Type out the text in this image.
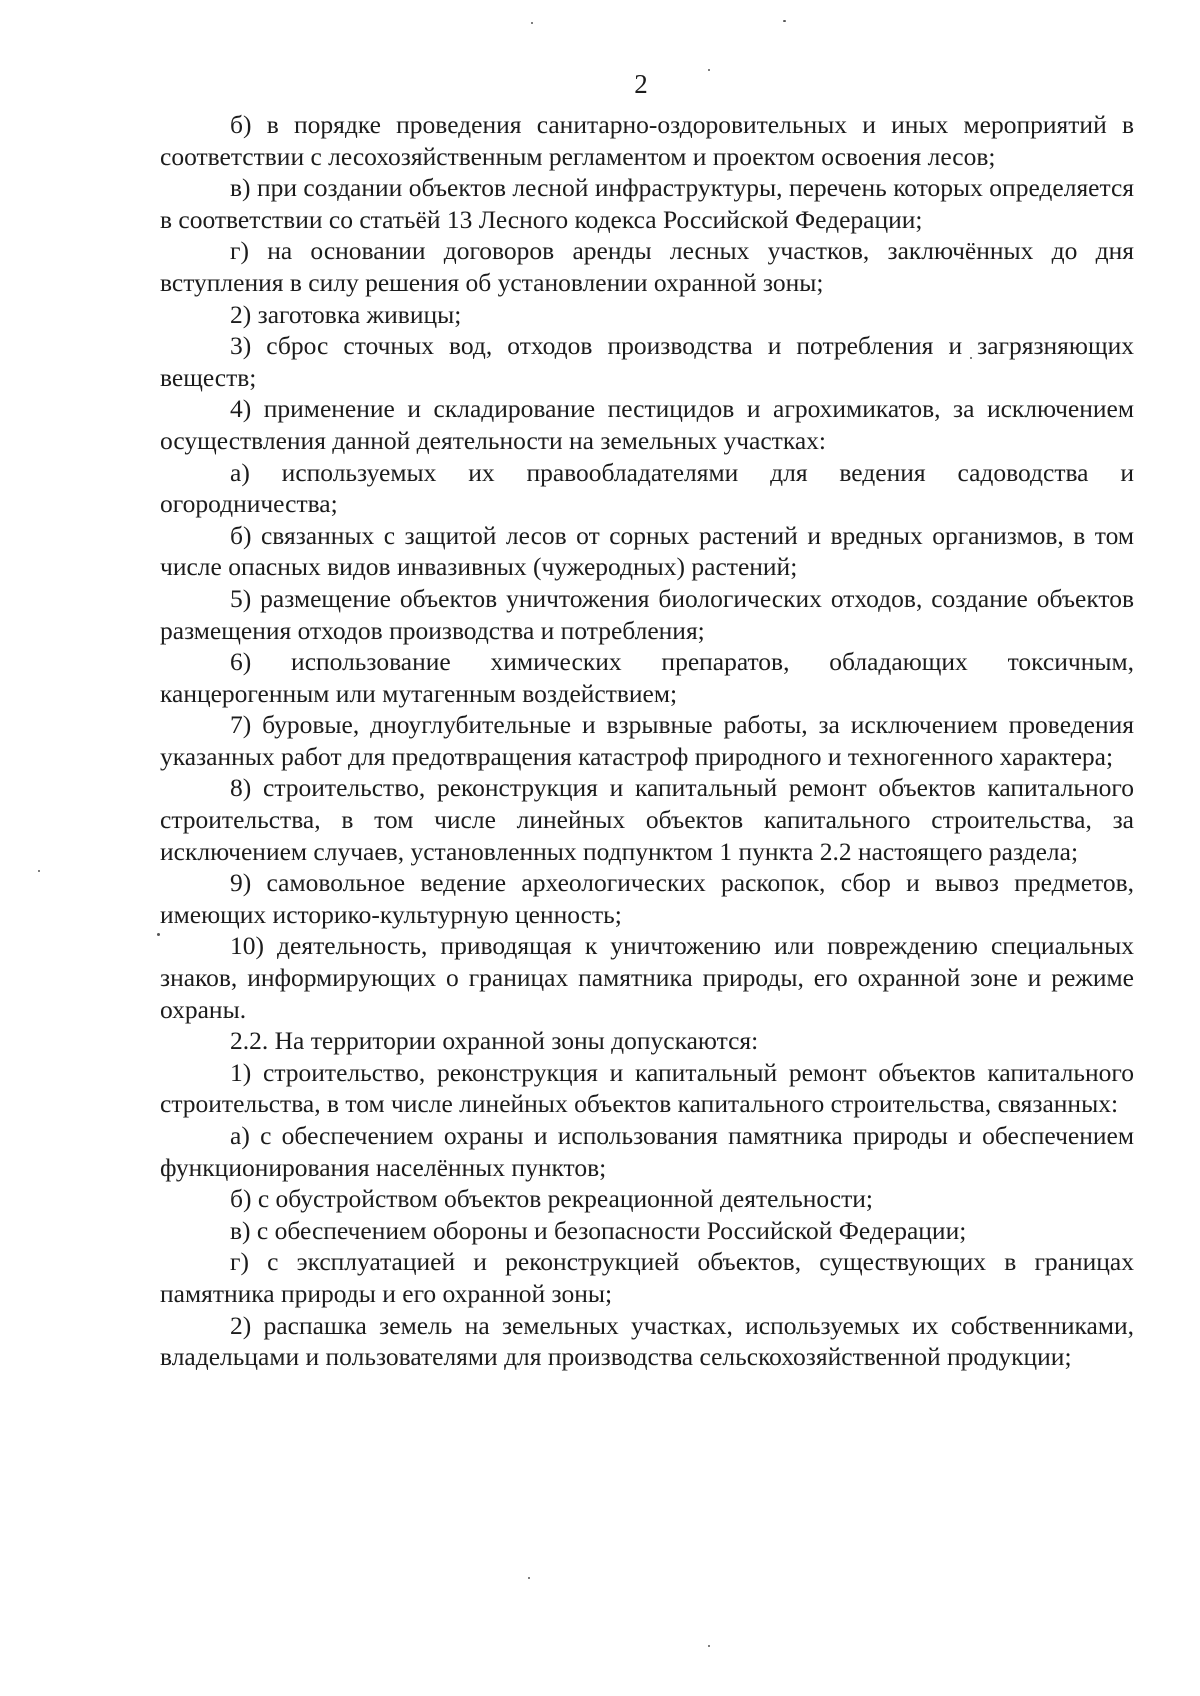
2

б) в порядке проведения санитарно-оздоровительных и иных мероприятий в соответствии с лесохозяйственным регламентом и проектом освоения лесов;

в) при создании объектов лесной инфраструктуры, перечень которых определяется в соответствии со статьёй 13 Лесного кодекса Российской Федерации;

г) на основании договоров аренды лесных участков, заключённых до дня вступления в силу решения об установлении охранной зоны;

2) заготовка живицы;

3) сброс сточных вод, отходов производства и потребления и загрязняющих веществ;

4) применение и складирование пестицидов и агрохимикатов, за исключением осуществления данной деятельности на земельных участках:

а) используемых их правообладателями для ведения садоводства и огородничества;

б) связанных с защитой лесов от сорных растений и вредных организмов, в том числе опасных видов инвазивных (чужеродных) растений;

5) размещение объектов уничтожения биологических отходов, создание объектов размещения отходов производства и потребления;

6) использование химических препаратов, обладающих токсичным, канцерогенным или мутагенным воздействием;

7) буровые, дноуглубительные и взрывные работы, за исключением проведения указанных работ для предотвращения катастроф природного и техногенного характера;

8) строительство, реконструкция и капитальный ремонт объектов капитального строительства, в том числе линейных объектов капитального строительства, за исключением случаев, установленных подпунктом 1 пункта 2.2 настоящего раздела;

9) самовольное ведение археологических раскопок, сбор и вывоз предметов, имеющих историко-культурную ценность;

10) деятельность, приводящая к уничтожению или повреждению специальных знаков, информирующих о границах памятника природы, его охранной зоне и режиме охраны.

2.2. На территории охранной зоны допускаются:

1) строительство, реконструкция и капитальный ремонт объектов капитального строительства, в том числе линейных объектов капитального строительства, связанных:

а) с обеспечением охраны и использования памятника природы и обеспечением функционирования населённых пунктов;

б) с обустройством объектов рекреационной деятельности;

в) с обеспечением обороны и безопасности Российской Федерации;

г) с эксплуатацией и реконструкцией объектов, существующих в границах памятника природы и его охранной зоны;

2) распашка земель на земельных участках, используемых их собственниками, владельцами и пользователями для производства сельскохозяйственной продукции;
